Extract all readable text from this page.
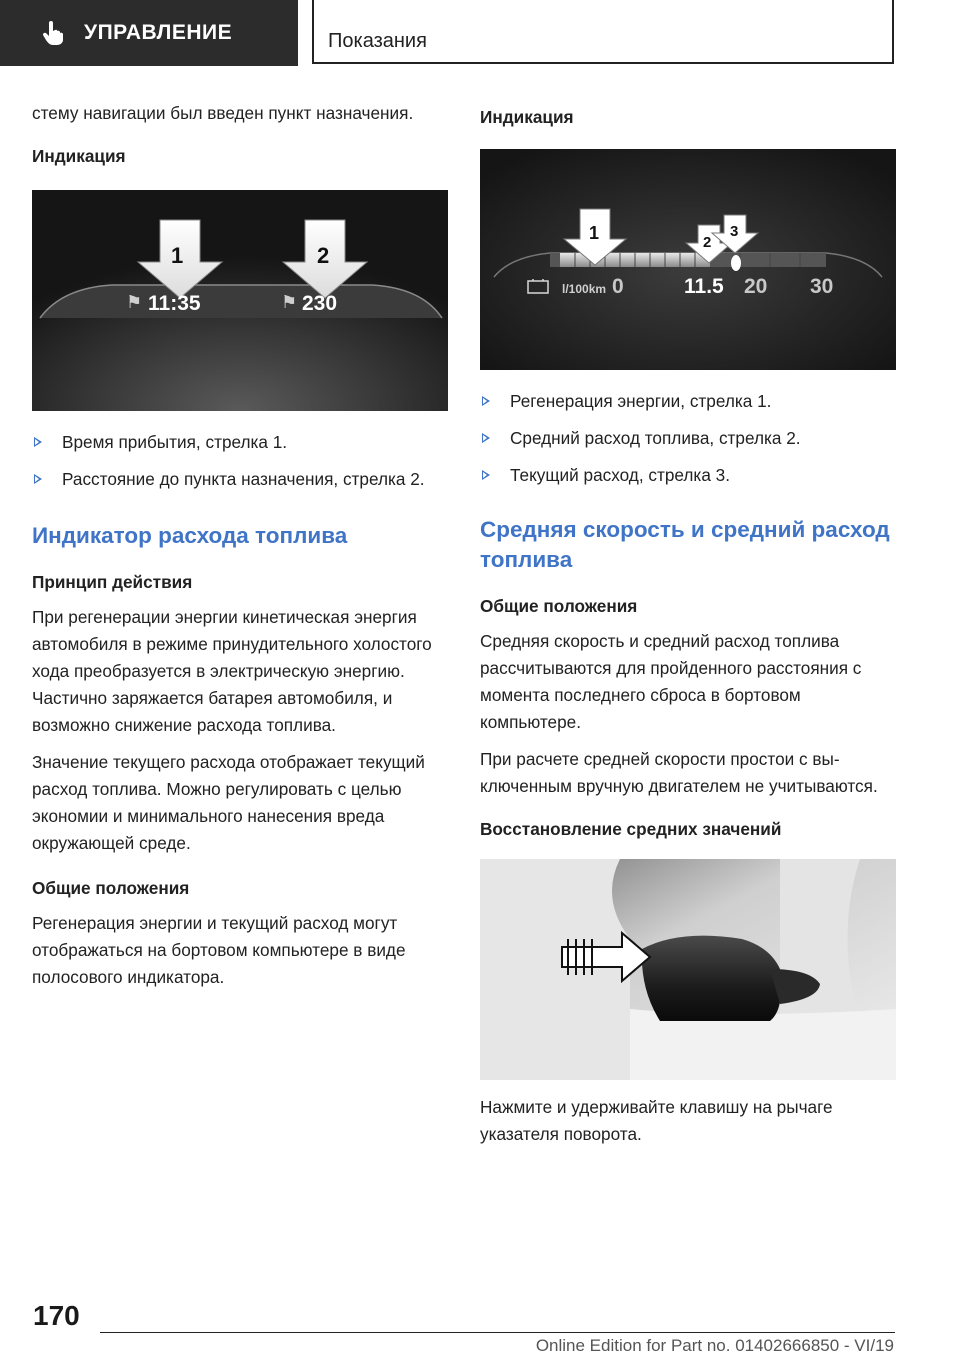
УПРАВЛЕНИЕ	Показания

стему навигации был введен пункт назначения.

Индикация
1	2
⚑ 11:35	⚑ 230
Время прибытия, стрелка 1.
Расстояние до пункта назначения, стрелка 2.
Индикатор расхода топлива
Принцип действия

При регенерации энергии кинетическая энергия автомобиля в режиме принудительного холостого хода преобразуется в электрическую энергию. Частично заряжается батарея автомобиля, и возможно снижение расхода топлива.

Значение текущего расхода отображает текущий расход топлива. Можно регулировать с целью экономии и минимального нанесения вреда окружающей среде.

Общие положения

Регенерация энергии и текущий расход могут отображаться на бортовом компьютере в виде полосового индикатора.

Индикация
1	2
3
l/100km 0	11.5 20 30
Регенерация энергии, стрелка 1.
Средний расход топлива, стрелка 2.
Текущий расход, стрелка 3.
Средняя скорость и средний расход топлива
Общие положения

Средняя скорость и средний расход топлива рассчитываются для пройденного расстояния с момента последнего сброса в бортовом компьютере.

При расчете средней скорости простои с выключенным вручную двигателем не учитываются.

Восстановление средних значений

Нажмите и удерживайте клавишу на рычаге указателя поворота.

170
Online Edition for Part no. 01402666850 - VI/19
